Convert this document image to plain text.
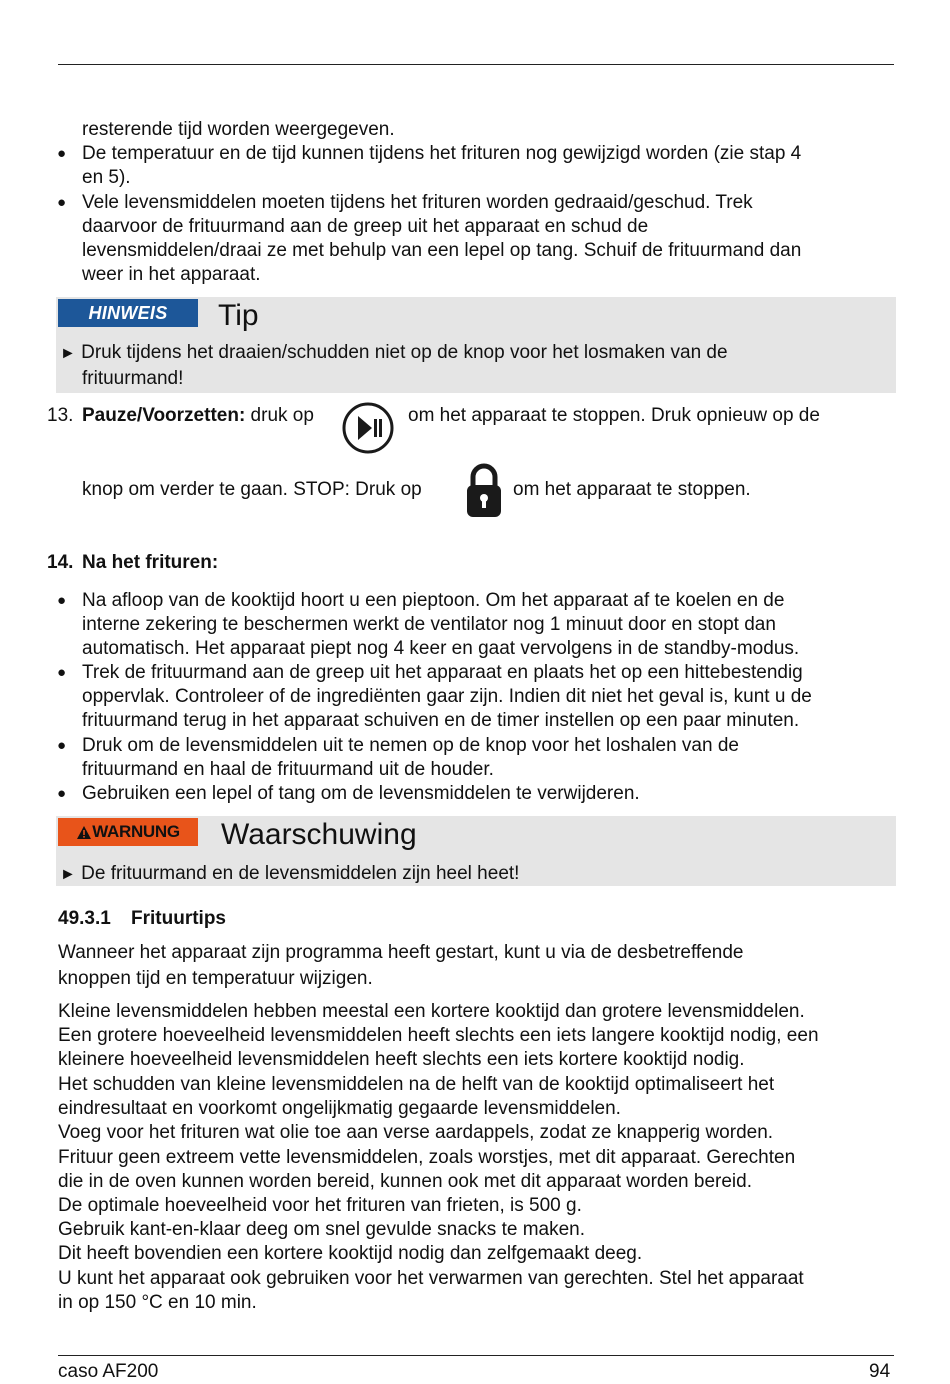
resterende tijd worden weergegeven.
● De temperatuur en de tijd kunnen tijdens het frituren nog gewijzigd worden (zie stap 4
en 5).
● Vele levensmiddelen moeten tijdens het frituren worden gedraaid/geschud. Trek
daarvoor de frituurmand aan de greep uit het apparaat en schud de
levensmiddelen/draai ze met behulp van een lepel op tang. Schuif de frituurmand dan
weer in het apparaat.
HINWEIS	Tip
► Druk tijdens het draaien/schudden niet op de knop voor het losmaken van de
frituurmand!
13. Pauze/Voorzetten: druk op	om het apparaat te stoppen. Druk opnieuw op de
knop om verder te gaan. STOP: Druk op	om het apparaat te stoppen.
14. Na het frituren:
● Na afloop van de kooktijd hoort u een pieptoon. Om het apparaat af te koelen en de
interne zekering te beschermen werkt de ventilator nog 1 minuut door en stopt dan
automatisch. Het apparaat piept nog 4 keer en gaat vervolgens in de standby-modus.
● Trek de frituurmand aan de greep uit het apparaat en plaats het op een hittebestendig
oppervlak. Controleer of de ingrediënten gaar zijn. Indien dit niet het geval is, kunt u de
frituurmand terug in het apparaat schuiven en de timer instellen op een paar minuten.
● Druk om de levensmiddelen uit te nemen op de knop voor het loshalen van de
frituurmand en haal de frituurmand uit de houder.
● Gebruiken een lepel of tang om de levensmiddelen te verwijderen.
WARNUNG	Waarschuwing
► De frituurmand en de levensmiddelen zijn heel heet!
49.3.1 Frituurtips
Wanneer het apparaat zijn programma heeft gestart, kunt u via de desbetreffende
knoppen tijd en temperatuur wijzigen.
Kleine levensmiddelen hebben meestal een kortere kooktijd dan grotere levensmiddelen.
Een grotere hoeveelheid levensmiddelen heeft slechts een iets langere kooktijd nodig, een
kleinere hoeveelheid levensmiddelen heeft slechts een iets kortere kooktijd nodig.
Het schudden van kleine levensmiddelen na de helft van de kooktijd optimaliseert het
eindresultaat en voorkomt ongelijkmatig gegaarde levensmiddelen.
Voeg voor het frituren wat olie toe aan verse aardappels, zodat ze knapperig worden.
Frituur geen extreem vette levensmiddelen, zoals worstjes, met dit apparaat. Gerechten
die in de oven kunnen worden bereid, kunnen ook met dit apparaat worden bereid.
De optimale hoeveelheid voor het frituren van frieten, is 500 g.
Gebruik kant-en-klaar deeg om snel gevulde snacks te maken.
Dit heeft bovendien een kortere kooktijd nodig dan zelfgemaakt deeg.
U kunt het apparaat ook gebruiken voor het verwarmen van gerechten. Stel het apparaat
in op 150 °C en 10 min.
caso AF200	94
